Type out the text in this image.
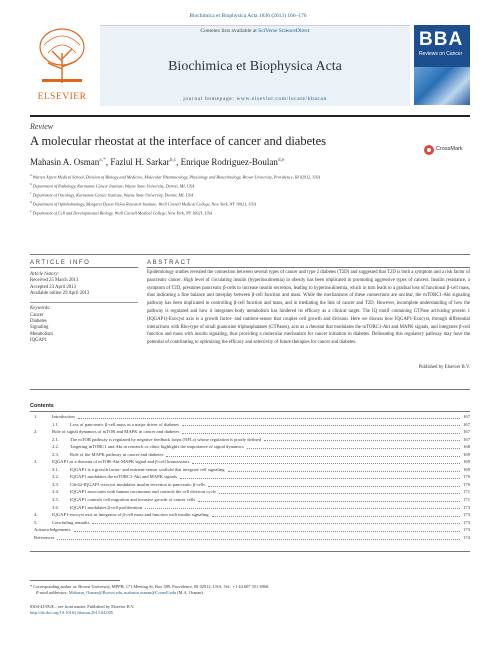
Biochimica et Biophysica Acta 1836 (2013) 166–176
ELSEVIER
Contents lists available at SciVerse ScienceDirect
Biochimica et Biophysica Acta
journal homepage: www.elsevier.com/locate/bbacan
BBA
Reviews on Cancer
Review
A molecular rheostat at the interface of cancer and diabetes
CrossMark
Mahasin A. Osman$^{a,*}$, Fazlul H. Sarkar$^{b,c}$, Enrique Rodriguez-Boulan$^{d,e}$
$^a$ Warren Alpert Medical School, Division of Biology and Medicine, Molecular Pharmacology, Physiology and Biotechnology, Brown University, Providence, RI 02912, USA
$^b$ Department of Pathology, Karmanos Cancer Institute, Wayne State University, Detroit, MI, USA
$^c$ Department of Oncology, Karmanos Cancer Institute, Wayne State University, Detroit, MI, USA
$^d$ Department of Ophthalmology, Margaret Dyson Vision Research Institute, Weill Cornell Medical College, New York, NY 10021, USA
$^e$ Department of Cell and Developmental Biology, Weill Cornell Medical College, New York, NY 10021, USA
ARTICLE INFO	ABSTRACT
Article history:
Received 25 March 2013
Accepted 23 April 2013
Available online 29 April 2013
Keywords:
Cancer
Diabetes
Signaling
Metabolism
IQGAP1
Epidemiology studies revealed the connection between several types of cancer and type 2 diabetes (T2D) and suggested that T2D is both a symptom and a risk factor of pancreatic cancer. High level of circulating insulin (hyperinsulinemia) in obesity has been implicated in promoting aggressive types of cancers. Insulin resistance, a symptom of T2D, presumes pancreatic β-cells to increase insulin secretion, leading to hyperinsulinemia, which in turn leads to a gradual loss of functional β-cell mass, thus indicating a fine balance and interplay between β-cell function and mass. While the mechanisms of these connections are unclear, the mTORC1-Akt signaling pathway has been implicated in controlling β-cell function and mass, and in mediating the link of cancer and T2D. However, incomplete understanding of how the pathway is regulated and how it integrates body metabolism has hindered its efficacy as a clinical target. The IQ motif containing GTPase activating protein 1 (IQGAP1)-Exocyst axis is a growth factor- and nutrient-sensor that couples cell growth and division. Here we discuss how IQGAP1-Exocyst, through differential interactions with Rho-type of small guanosine triphosphatases (GTPases), acts as a rheostat that modulates the mTORC1-Akt and MAPK signals, and integrates β-cell function and mass with insulin signaling, thus providing a molecular mechanism for cancer initiation in diabetes. Delineating this regulatory pathway may have the potential of contributing to optimizing the efficacy and selectivity of future therapies for cancer and diabetes.
Published by Elsevier B.V.
Contents
1.	Introduction	167
1.1. Loss of pancreatic β-cell mass as a major driver of diabetes	167
2.	Role of signal dynamics of mTOR and MAPK in cancer and diabetes	167
2.1. The mTOR pathway is regulated by negative feedback loops (NFLs) whose regulation is poorly defined	167
2.2. Targeting mTORC1 and Akt in research or clinic highlights the importance of signal dynamics	168
2.3. Role of the MAPK pathway in cancer and diabetes	169
3.	IQGAP1 as a rheostat of mTOR-Akt-MAPK signal and β-cell homeostasis	169
3.1. IQGAP1 is a growth factor- and nutrient-sensor scaffold that integrate cell signaling	169
3.2. IQGAP1 modulates the mTORC1-Akt and MAPK signals	170
3.3. Cdc42-IQGAP1-exocyst modulates insulin secretion in pancreatic β-cells	170
3.4. IQGAP1 associates with human carcinomas and controls the cell division cycle	171
3.5. IQGAP1 controls cell migration and invasive growth of cancer cells	171
3.6. IQGAP1 modulates β-cell proliferation	173
4.	IQGAP1-exocyst axis as integrator of β-cell mass and function with insulin signaling	173
5.	Concluding remarks	173
Acknowledgements	173
References	174
* Corresponding author at: Brown University, MPPB, 171 Meeting St, Box 389, Providence, RI 02912, USA. Tel.: +1 44 607 351 3868.
E-mail addresses: Mahasin_Osman@Brown.edu, mahasin.osman@Cornell.edu (M.A. Osman).
0304-419X/$ – see front matter. Published by Elsevier B.V.
http://dx.doi.org/10.1016/j.bbacan.2013.04.005
